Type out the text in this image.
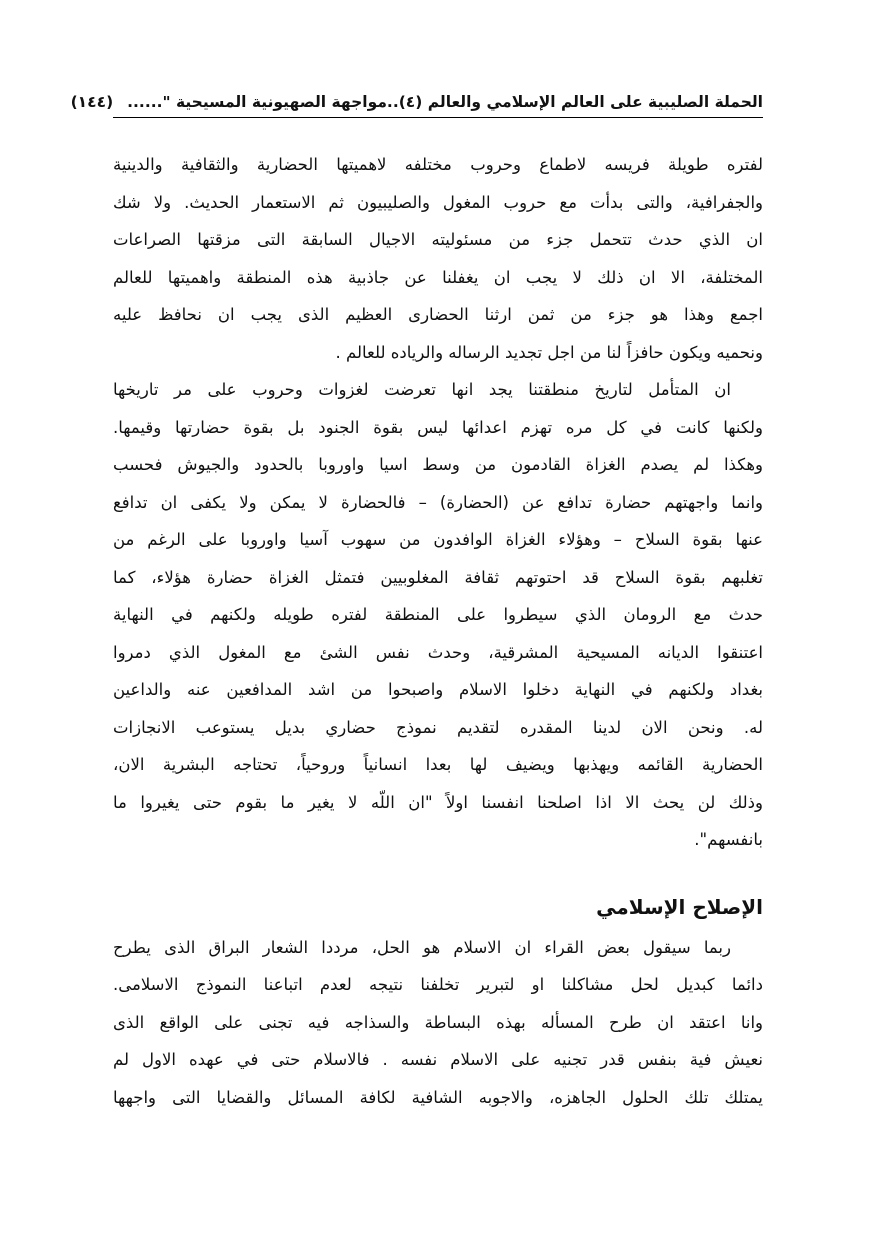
الحملة الصليبية على العالم الإسلامي والعالم (٤)..مواجهة الصهيونية المسيحية "......
(١٤٤)
لفتره طويلة فريسه لاطماع وحروب مختلفه لاهميتها الحضارية والثقافية والدينية
والجفرافية، والتى بدأت مع حروب المغول والصليبيون ثم الاستعمار الحديث. ولا شك
ان الذي حدث تتحمل جزء من مسئوليته الاجيال السابقة التى مزقتها الصراعات
المختلفة، الا ان ذلك لا يجب ان يغفلنا عن جاذبية هذه المنطقة واهميتها للعالم
اجمع وهذا هو جزء من ثمن ارثنا الحضارى العظيم الذى يجب ان نحافظ عليه
ونحميه ويكون حافزاً لنا من اجل تجديد الرساله والرياده للعالم .
ان المتأمل لتاريخ منطقتنا يجد انها تعرضت لغزوات وحروب على مر تاريخها
ولكنها كانت في كل مره تهزم اعدائها ليس بقوة الجنود بل بقوة حضارتها وقيمها.
وهكذا لم يصدم الغزاة القادمون من وسط اسيا واوروبا بالحدود والجيوش فحسب
وانما واجهتهم حضارة تدافع عن (الحضارة) – فالحضارة لا يمكن ولا يكفى ان تدافع
عنها بقوة السلاح – وهؤلاء الغزاة الوافدون من سهوب آسيا واوروبا على الرغم من
تغلبهم بقوة السلاح قد احتوتهم ثقافة المغلوبيين فتمثل الغزاة حضارة هؤلاء، كما
حدث مع الرومان الذي سيطروا على المنطقة لفتره طويله ولكنهم في النهاية
اعتنقوا الديانه المسيحية المشرقية، وحدث نفس الشئ مع المغول الذي دمروا
بغداد ولكنهم في النهاية دخلوا الاسلام واصبحوا من اشد المدافعين عنه والداعين
له. ونحن الان لدينا المقدره لتقديم نموذج حضاري بديل يستوعب الانجازات
الحضارية القائمه ويهذبها ويضيف لها بعدا انسانياً وروحياً، تحتاجه البشرية الان،
وذلك لن يحث الا اذا اصلحنا انفسنا اولاً "ان اللّه لا يغير ما بقوم حتى يغيروا ما
بانفسهم".
الإصلاح الإسلامي
ربما سيقول بعض القراء ان الاسلام هو الحل، مرددا الشعار البراق الذى يطرح
دائما كبديل لحل مشاكلنا او لتبرير تخلفنا نتيجه لعدم اتباعنا النموذج الاسلامى.
وانا اعتقد ان طرح المسأله بهذه البساطة والسذاجه فيه تجنى على الواقع الذى
نعيش فية بنفس قدر تجنيه على الاسلام نفسه . فالاسلام حتى في عهده الاول لم
يمتلك تلك الحلول الجاهزه، والاجوبه الشافية لكافة المسائل والقضايا التى واجهها
